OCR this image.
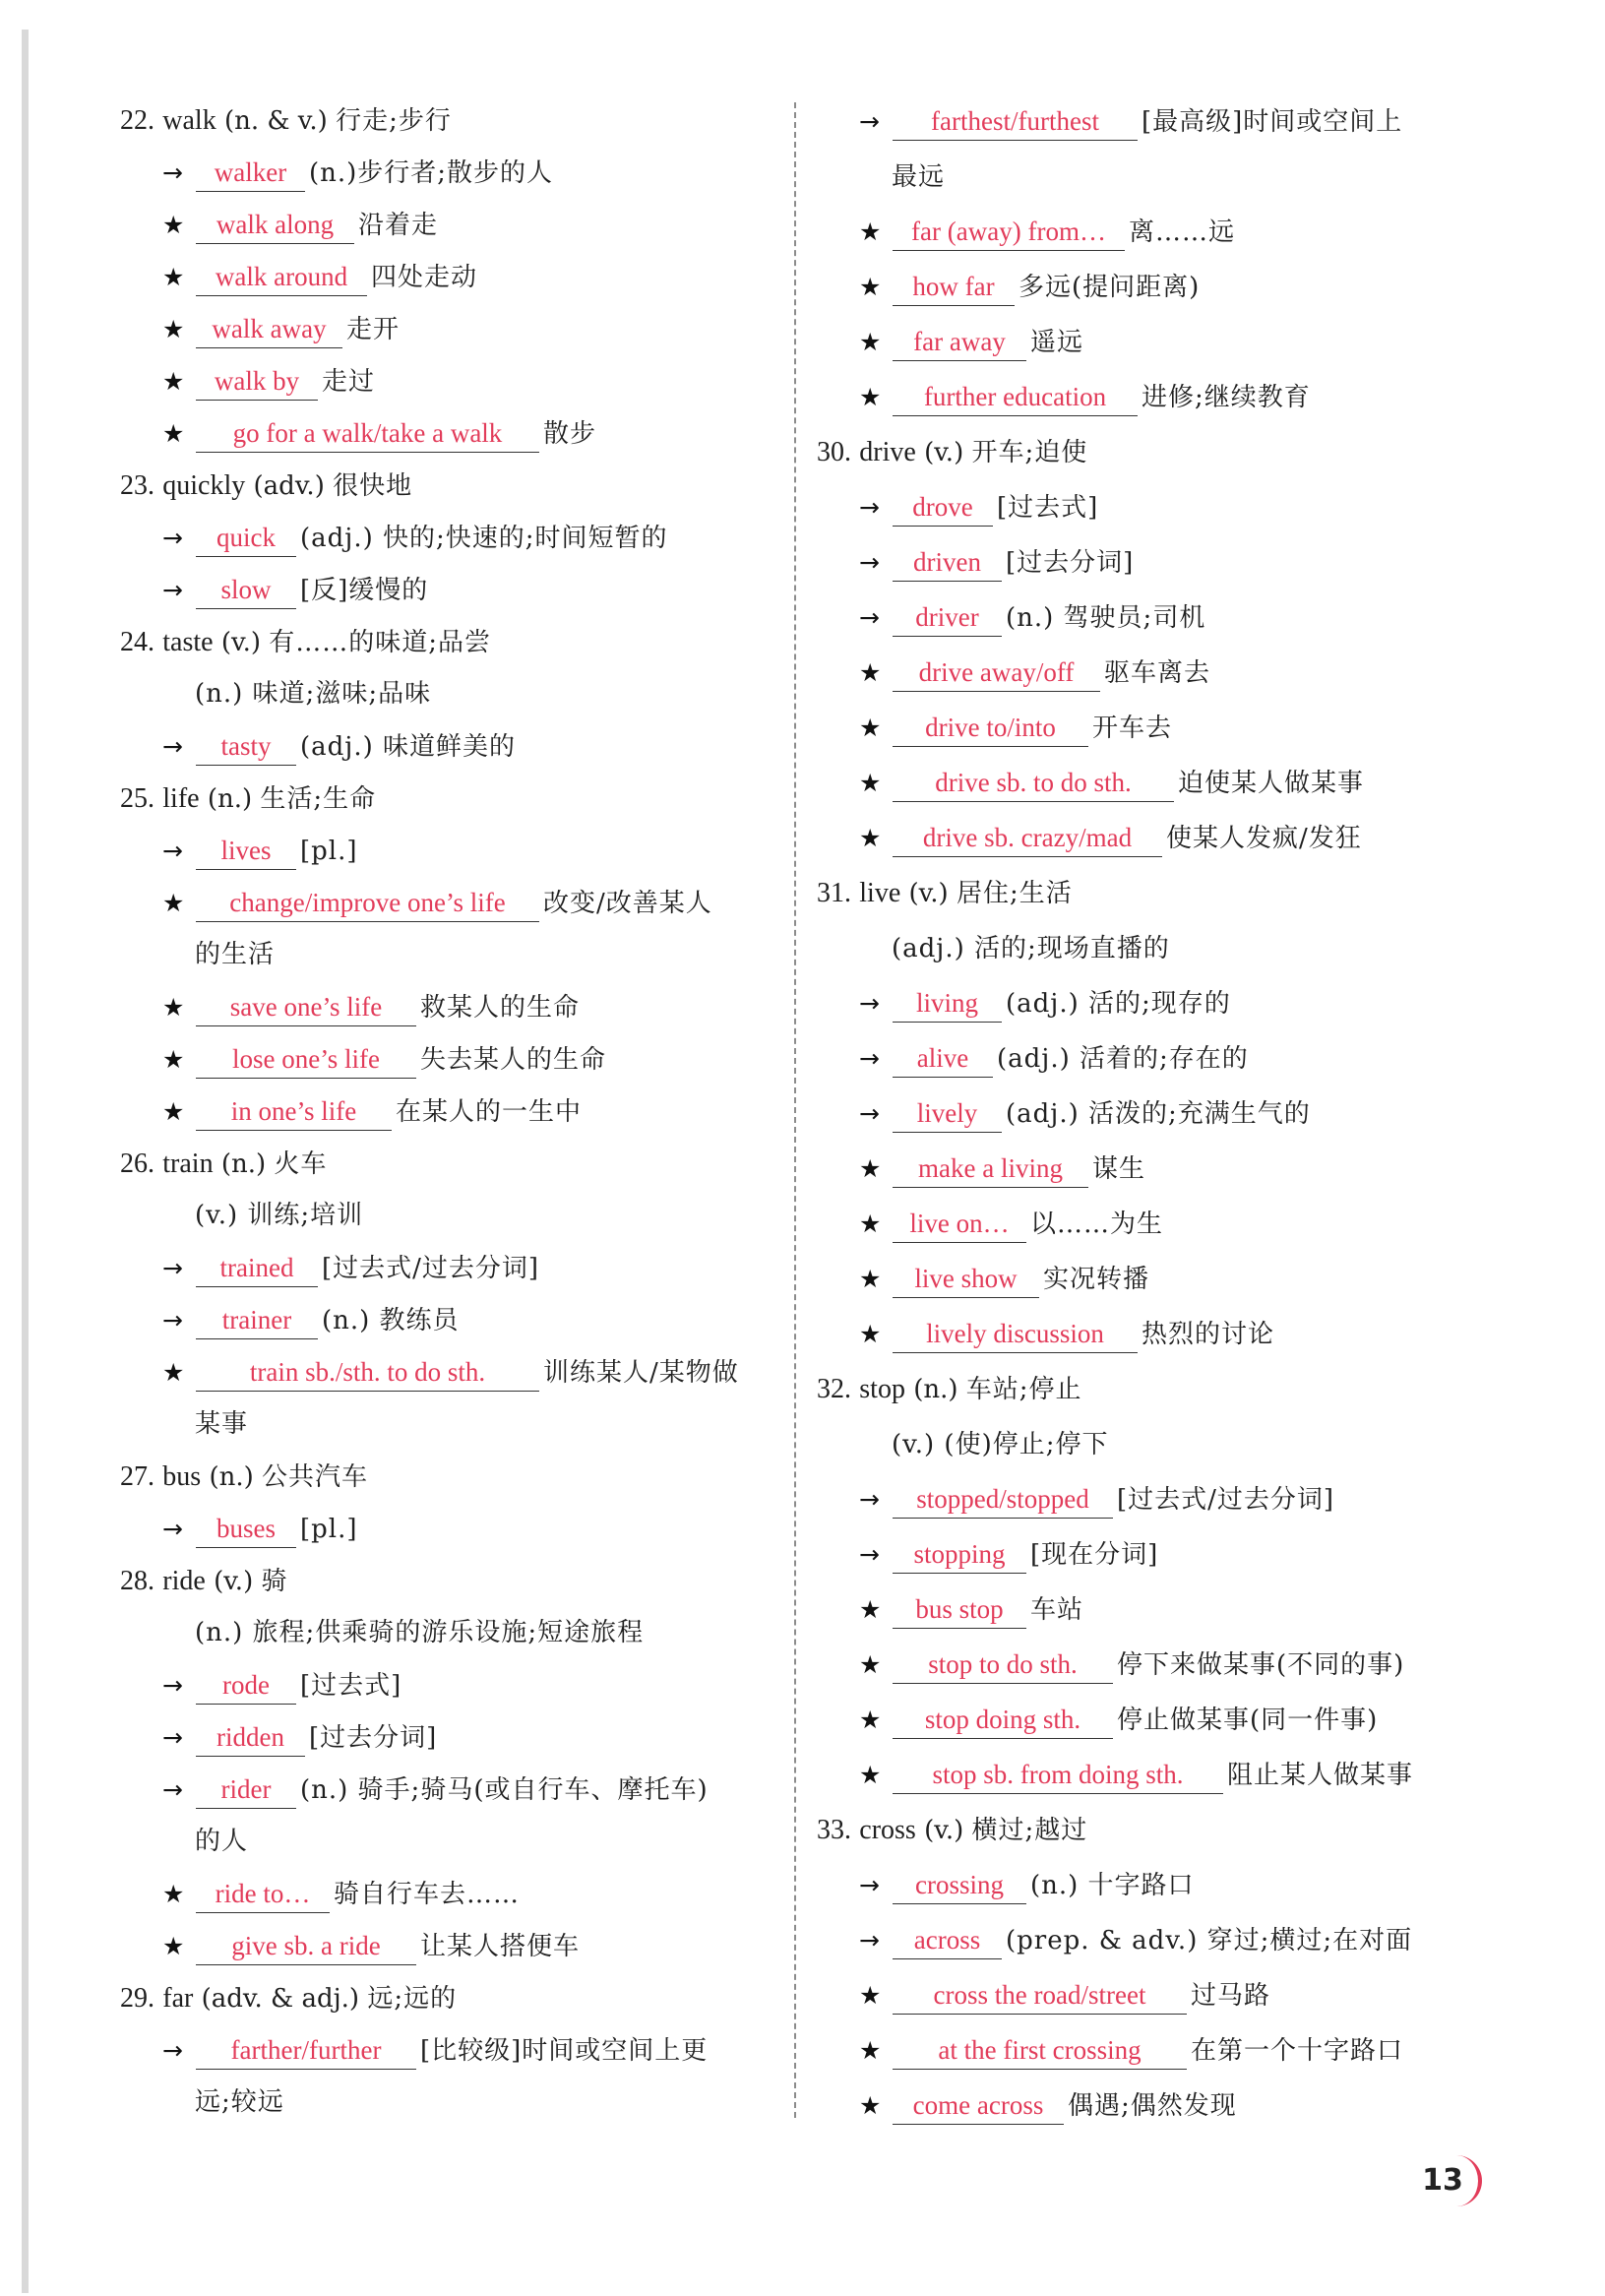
22. walk (n. & v.) 行走;步行
→ walker (n.)步行者;散步的人
★ walk along 沿着走
★ walk around 四处走动
★ walk away 走开
★ walk by 走过
★ go for a walk/take a walk 散步
23. quickly (adv.) 很快地
→ quick (adj.) 快的;快速的;时间短暂的
→ slow [反]缓慢的
24. taste (v.) 有……的味道;品尝
(n.) 味道;滋味;品味
→ tasty (adj.) 味道鲜美的
25. life (n.) 生活;生命
→ lives [pl.]
★ change/improve one’s life 改变/改善某人
的生活
★ save one’s life 救某人的生命
★ lose one’s life 失去某人的生命
★ in one’s life 在某人的一生中
26. train (n.) 火车
(v.) 训练;培训
→ trained [过去式/过去分词]
→ trainer (n.) 教练员
★ train sb./sth. to do sth. 训练某人/某物做
某事
27. bus (n.) 公共汽车
→ buses [pl.]
28. ride (v.) 骑
(n.) 旅程;供乘骑的游乐设施;短途旅程
→ rode [过去式]
→ ridden [过去分词]
→ rider (n.) 骑手;骑马(或自行车、摩托车)
的人
★ ride to… 骑自行车去……
★ give sb. a ride 让某人搭便车
29. far (adv. & adj.) 远;远的
→ farther/further [比较级]时间或空间上更
远;较远
→ farthest/furthest [最高级]时间或空间上
最远
★ far (away) from… 离……远
★ how far 多远(提问距离)
★ far away 遥远
★ further education 进修;继续教育
30. drive (v.) 开车;迫使
→ drove [过去式]
→ driven [过去分词]
→ driver (n.) 驾驶员;司机
★ drive away/off 驱车离去
★ drive to/into 开车去
★ drive sb. to do sth. 迫使某人做某事
★ drive sb. crazy/mad 使某人发疯/发狂
31. live (v.) 居住;生活
(adj.) 活的;现场直播的
→ living (adj.) 活的;现存的
→ alive (adj.) 活着的;存在的
→ lively (adj.) 活泼的;充满生气的
★ make a living 谋生
★ live on… 以……为生
★ live show 实况转播
★ lively discussion 热烈的讨论
32. stop (n.) 车站;停止
(v.) (使)停止;停下
→ stopped/stopped [过去式/过去分词]
→ stopping [现在分词]
★ bus stop 车站
★ stop to do sth. 停下来做某事(不同的事)
★ stop doing sth. 停止做某事(同一件事)
★ stop sb. from doing sth. 阻止某人做某事
33. cross (v.) 横过;越过
→ crossing (n.) 十字路口
→ across (prep. & adv.) 穿过;横过;在对面
★ cross the road/street 过马路
★ at the first crossing 在第一个十字路口
★ come across 偶遇;偶然发现
13
